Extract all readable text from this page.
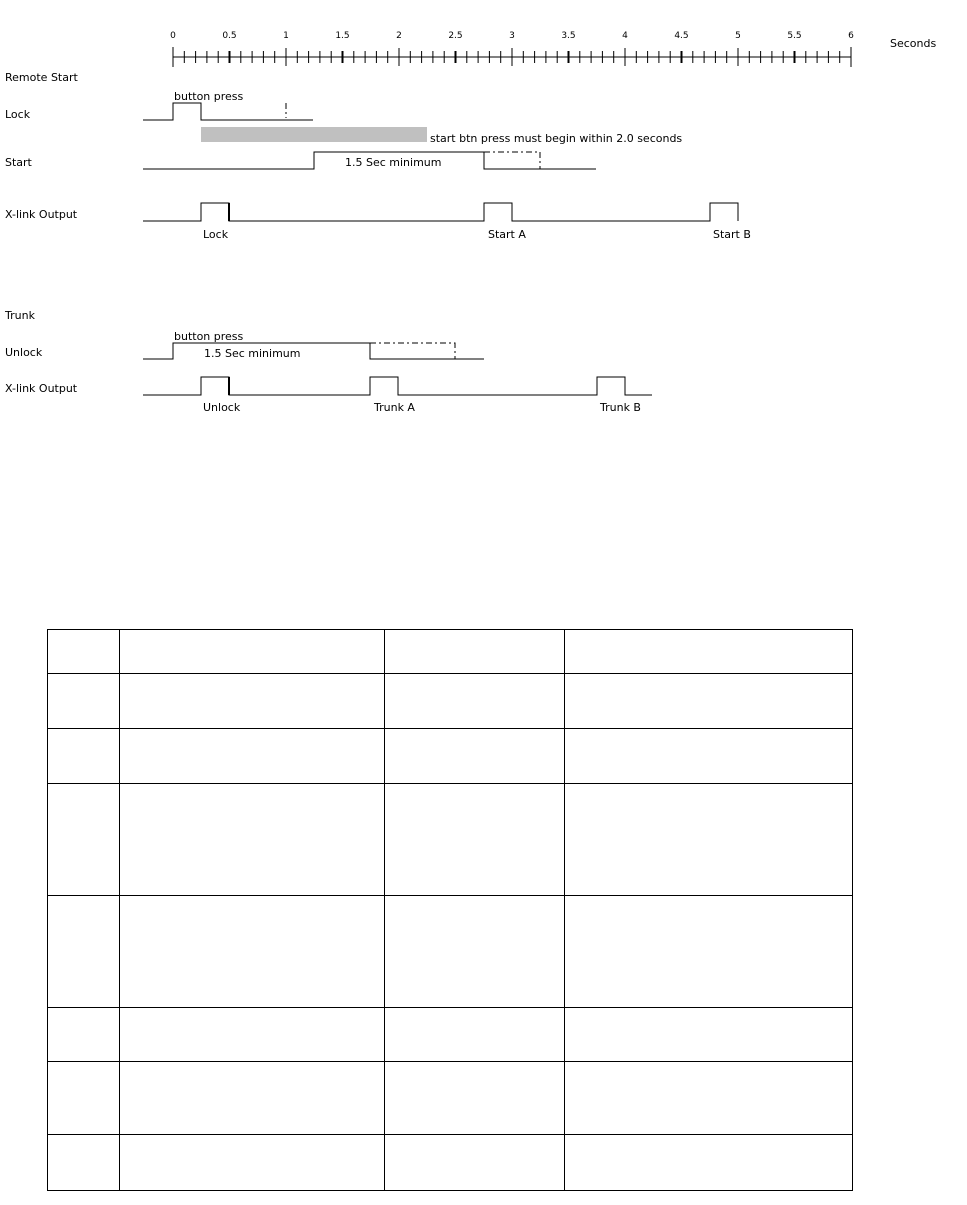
0	0.5	1	1.5	2	2.5	3	3.5	4	4.5	5	5.5	6
Seconds
Remote Start
Lock
button press
start btn press must begin within 2.0 seconds
Start	1.5 Sec minimum
X-link Output
Lock	Start A	Start B
Trunk
button press
Unlock	1.5 Sec minimum
X-link Output
Unlock	Trunk A	Trunk B
